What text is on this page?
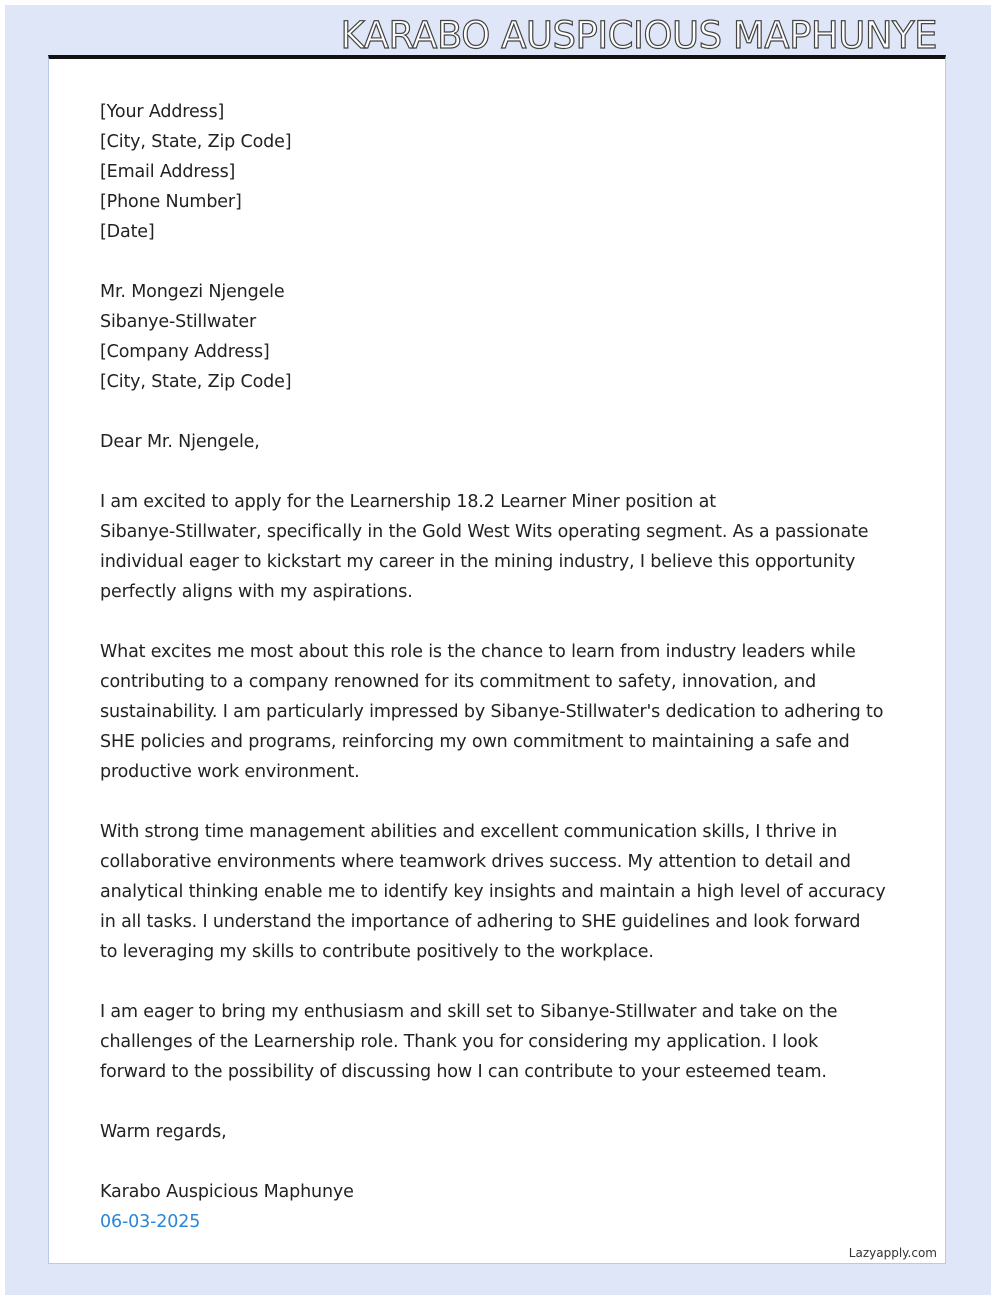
KARABO AUSPICIOUS MAPHUNYE
[Your Address]
[City, State, Zip Code]
[Email Address]
[Phone Number]
[Date]
Mr. Mongezi Njengele
Sibanye-Stillwater
[Company Address]
[City, State, Zip Code]
Dear Mr. Njengele,

I am excited to apply for the Learnership 18.2 Learner Miner position at
Sibanye-Stillwater, specifically in the Gold West Wits operating segment. As a passionate
individual eager to kickstart my career in the mining industry, I believe this opportunity
perfectly aligns with my aspirations.

What excites me most about this role is the chance to learn from industry leaders while
contributing to a company renowned for its commitment to safety, innovation, and
sustainability. I am particularly impressed by Sibanye-Stillwater's dedication to adhering to
SHE policies and programs, reinforcing my own commitment to maintaining a safe and
productive work environment.

With strong time management abilities and excellent communication skills, I thrive in
collaborative environments where teamwork drives success. My attention to detail and
analytical thinking enable me to identify key insights and maintain a high level of accuracy
in all tasks. I understand the importance of adhering to SHE guidelines and look forward
to leveraging my skills to contribute positively to the workplace.

I am eager to bring my enthusiasm and skill set to Sibanye-Stillwater and take on the
challenges of the Learnership role. Thank you for considering my application. I look
forward to the possibility of discussing how I can contribute to your esteemed team.

Warm regards,
Karabo Auspicious Maphunye
06-03-2025
Lazyapply.com
